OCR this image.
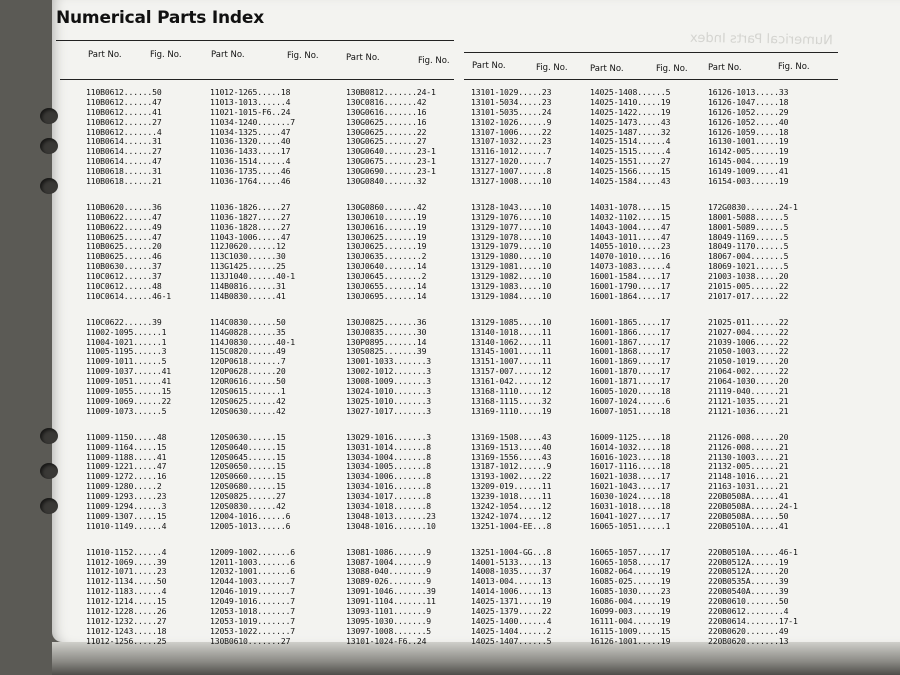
Numerical Parts Index
Numerical Parts Index
Part No.	Fig. No.	Part No.	Fig. No.	Part No.	Fig. No.	Part No.	Fig. No.	Part No.	Fig. No. Part No.	Fig. No.
110B0612......50
110B0612......47
110B0612......41
110B0612......27
110B0612.......4
110B0614......31
110B0614......27
110B0614......47
110B0618......31
110B0618......21
110B0620......36
110B0622......47
110B0622......49
110B0625......47
110B0625......20
110B0625......46
110B0630......37
110C0612......37
110C0612......48
110C0614......46-1
110C0622......39
11002-1095......1
11004-1021......1
11005-1195......3
11009-1011......5
11009-1037......41
11009-1051......41
11009-1055......15
11009-1069......22
11009-1073......5
11009-1150.....48
11009-1164.....15
11009-1188.....41
11009-1221.....47
11009-1272.....16
11009-1280.....2
11009-1293.....23
11009-1294......3
11009-1307.....15
11010-1149......4
11010-1152......4
11012-1069.....39
11012-1071.....23
11012-1134.....50
11012-1183......4
11012-1214.....15
11012-1228.....26
11012-1232.....27
11012-1243.....18
11012-1256.....25
11012-1265.....18
11013-1013......4
11021-1015-F6..24
11034-1240.......7
11034-1325.....47
11036-1320.....40
11036-1433.....17
11036-1514......4
11036-1735.....46
11036-1764.....46
11036-1826.....27
11036-1827.....27
11036-1828.....27
11043-1006.....47
112J0620......12
113C1030......30
113G1425......25
113J1040......40-1
114B0816......31
114B0830......41
114C0830......50
114G0828......35
114J0830......40-1
115C0820......49
120P0618.......7
120P0628......20
120R0616......50
120S0615.......1
120S0625......42
120S0630......42
120S0630......15
120S0640......15
120S0645......15
120S0650......15
120S0660......15
120S0680......15
120S0825......27
120S0830......42
12004-1016......6
12005-1013......6
12009-1002.......6
12011-1003.......6
12032-1001.......6
12044-1003.......7
12046-1019.......7
12049-1016.......7
12053-1018.......7
12053-1019.......7
12053-1022.......7
130B0610.......27
130B0812.......24-1
130C0816.......42
130G0616.......16
130G0625.......16
130G0625.......22
130G0625.......27
130G0640.......23-1
130G0675.......23-1
130G0690.......23-1
130G0840.......32
130G0860.......42
130J0610.......19
130J0616.......19
130J0625.......19
130J0625.......19
130J0635........2
130J0640.......14
130J0645........2
130J0655.......14
130J0695.......14
130J0825.......36
130J0835.......30
130P0895.......14
130S0825.......39
13001-1033.......3
13002-1012.......3
13008-1009.......3
13024-1010.......3
13025-1010.......3
13027-1017.......3
13029-1016.......3
13031-1014.......8
13034-1004.......8
13034-1005.......8
13034-1006.......8
13034-1016.......8
13034-1017.......8
13034-1018.......8
13048-1013.......23
13048-1016.......10
13081-1086.......9
13087-1004.......9
13088-040........9
13089-026........9
13091-1046.......39
13091-1104.......11
13093-1101.......9
13095-1030.......9
13097-1008.......5
13101-1024-F6..24
13101-1029.....23
13101-5034.....23
13101-5035.....24
13102-1026......9
13107-1006.....22
13107-1032.....23
13116-1012......7
13127-1020......7
13127-1007......8
13127-1008.....10
13128-1043.....10
13129-1076.....10
13129-1077.....10
13129-1078.....10
13129-1079.....10
13129-1080.....10
13129-1081.....10
13129-1082.....10
13129-1083.....10
13129-1084.....10
13129-1085.....10
13140-1018.....11
13140-1062.....11
13145-1001.....11
13151-1007.....11
13157-007......12
13161-042......12
13168-1110.....12
13168-1115.....32
13169-1110.....19
13169-1508.....43
13169-1513.....40
13169-1556.....43
13187-1012......9
13193-1002.....22
13209-019......11
13239-1018.....11
13242-1054.....12
13242-1074.....12
13251-1004-EE...8
13251-1004-GG...8
14001-5133.....13
14008-1035.....37
14013-004......13
14014-1006.....13
14025-1371.....19
14025-1379.....22
14025-1400......4
14025-1404......2
14025-1407......5
14025-1408......5
14025-1410.....19
14025-1422.....19
14025-1473.....43
14025-1487.....32
14025-1514......4
14025-1515......4
14025-1551.....27
14025-1566.....15
14025-1584.....43
14031-1078.....15
14032-1102.....15
14043-1004.....47
14043-1011.....47
14055-1010.....23
14070-1010.....16
14073-1083......4
16001-1584.....17
16001-1790.....17
16001-1864.....17
16001-1865.....17
16001-1866.....17
16001-1867.....17
16001-1868.....17
16001-1869.....17
16001-1870.....17
16001-1871.....17
16005-1020.....18
16007-1024......6
16007-1051.....18
16009-1125.....18
16014-1032.....18
16016-1023.....18
16017-1116.....18
16021-1038.....17
16021-1043.....17
16030-1024.....18
16031-1018.....18
16041-1027.....17
16065-1051......1
16065-1057.....17
16065-1058.....17
16082-064......19
16085-025......19
16085-1030.....23
16086-004......19
16099-003......19
16111-004......19
16115-1009.....15
16126-1001.....19
16126-1013.....33
16126-1047.....18
16126-1052.....29
16126-1052.....40
16126-1059.....18
16130-1001.....19
16142-005......19
16145-004......19
16149-1009.....41
16154-003......19
172G0830.......24-1
18001-5088......5
18001-5089......5
18049-1169......5
18049-1170......5
18067-004.......5
18069-1021......5
21003-1038.....20
21015-005......22
21017-017......22
21025-011......22
21027-004......22
21039-1006.....22
21050-1003.....22
21050-1019.....20
21064-002......22
21064-1030.....20
21119-040......21
21121-1035.....21
21121-1036.....21
21126-008......20
21126-008......21
21130-1003.....21
21132-005......21
21148-1016.....21
21163-1031.....21
220B0508A......41
220B0508A......24-1
220B0508A......50
220B0510A......41
220B0510A......46-1
220B0512A......19
220B0512A......20
220B0535A......39
220B0540A......39
220B0610.......50
220B0612........4
220B0614.......17-1
220B0620.......49
220B0620.......13
